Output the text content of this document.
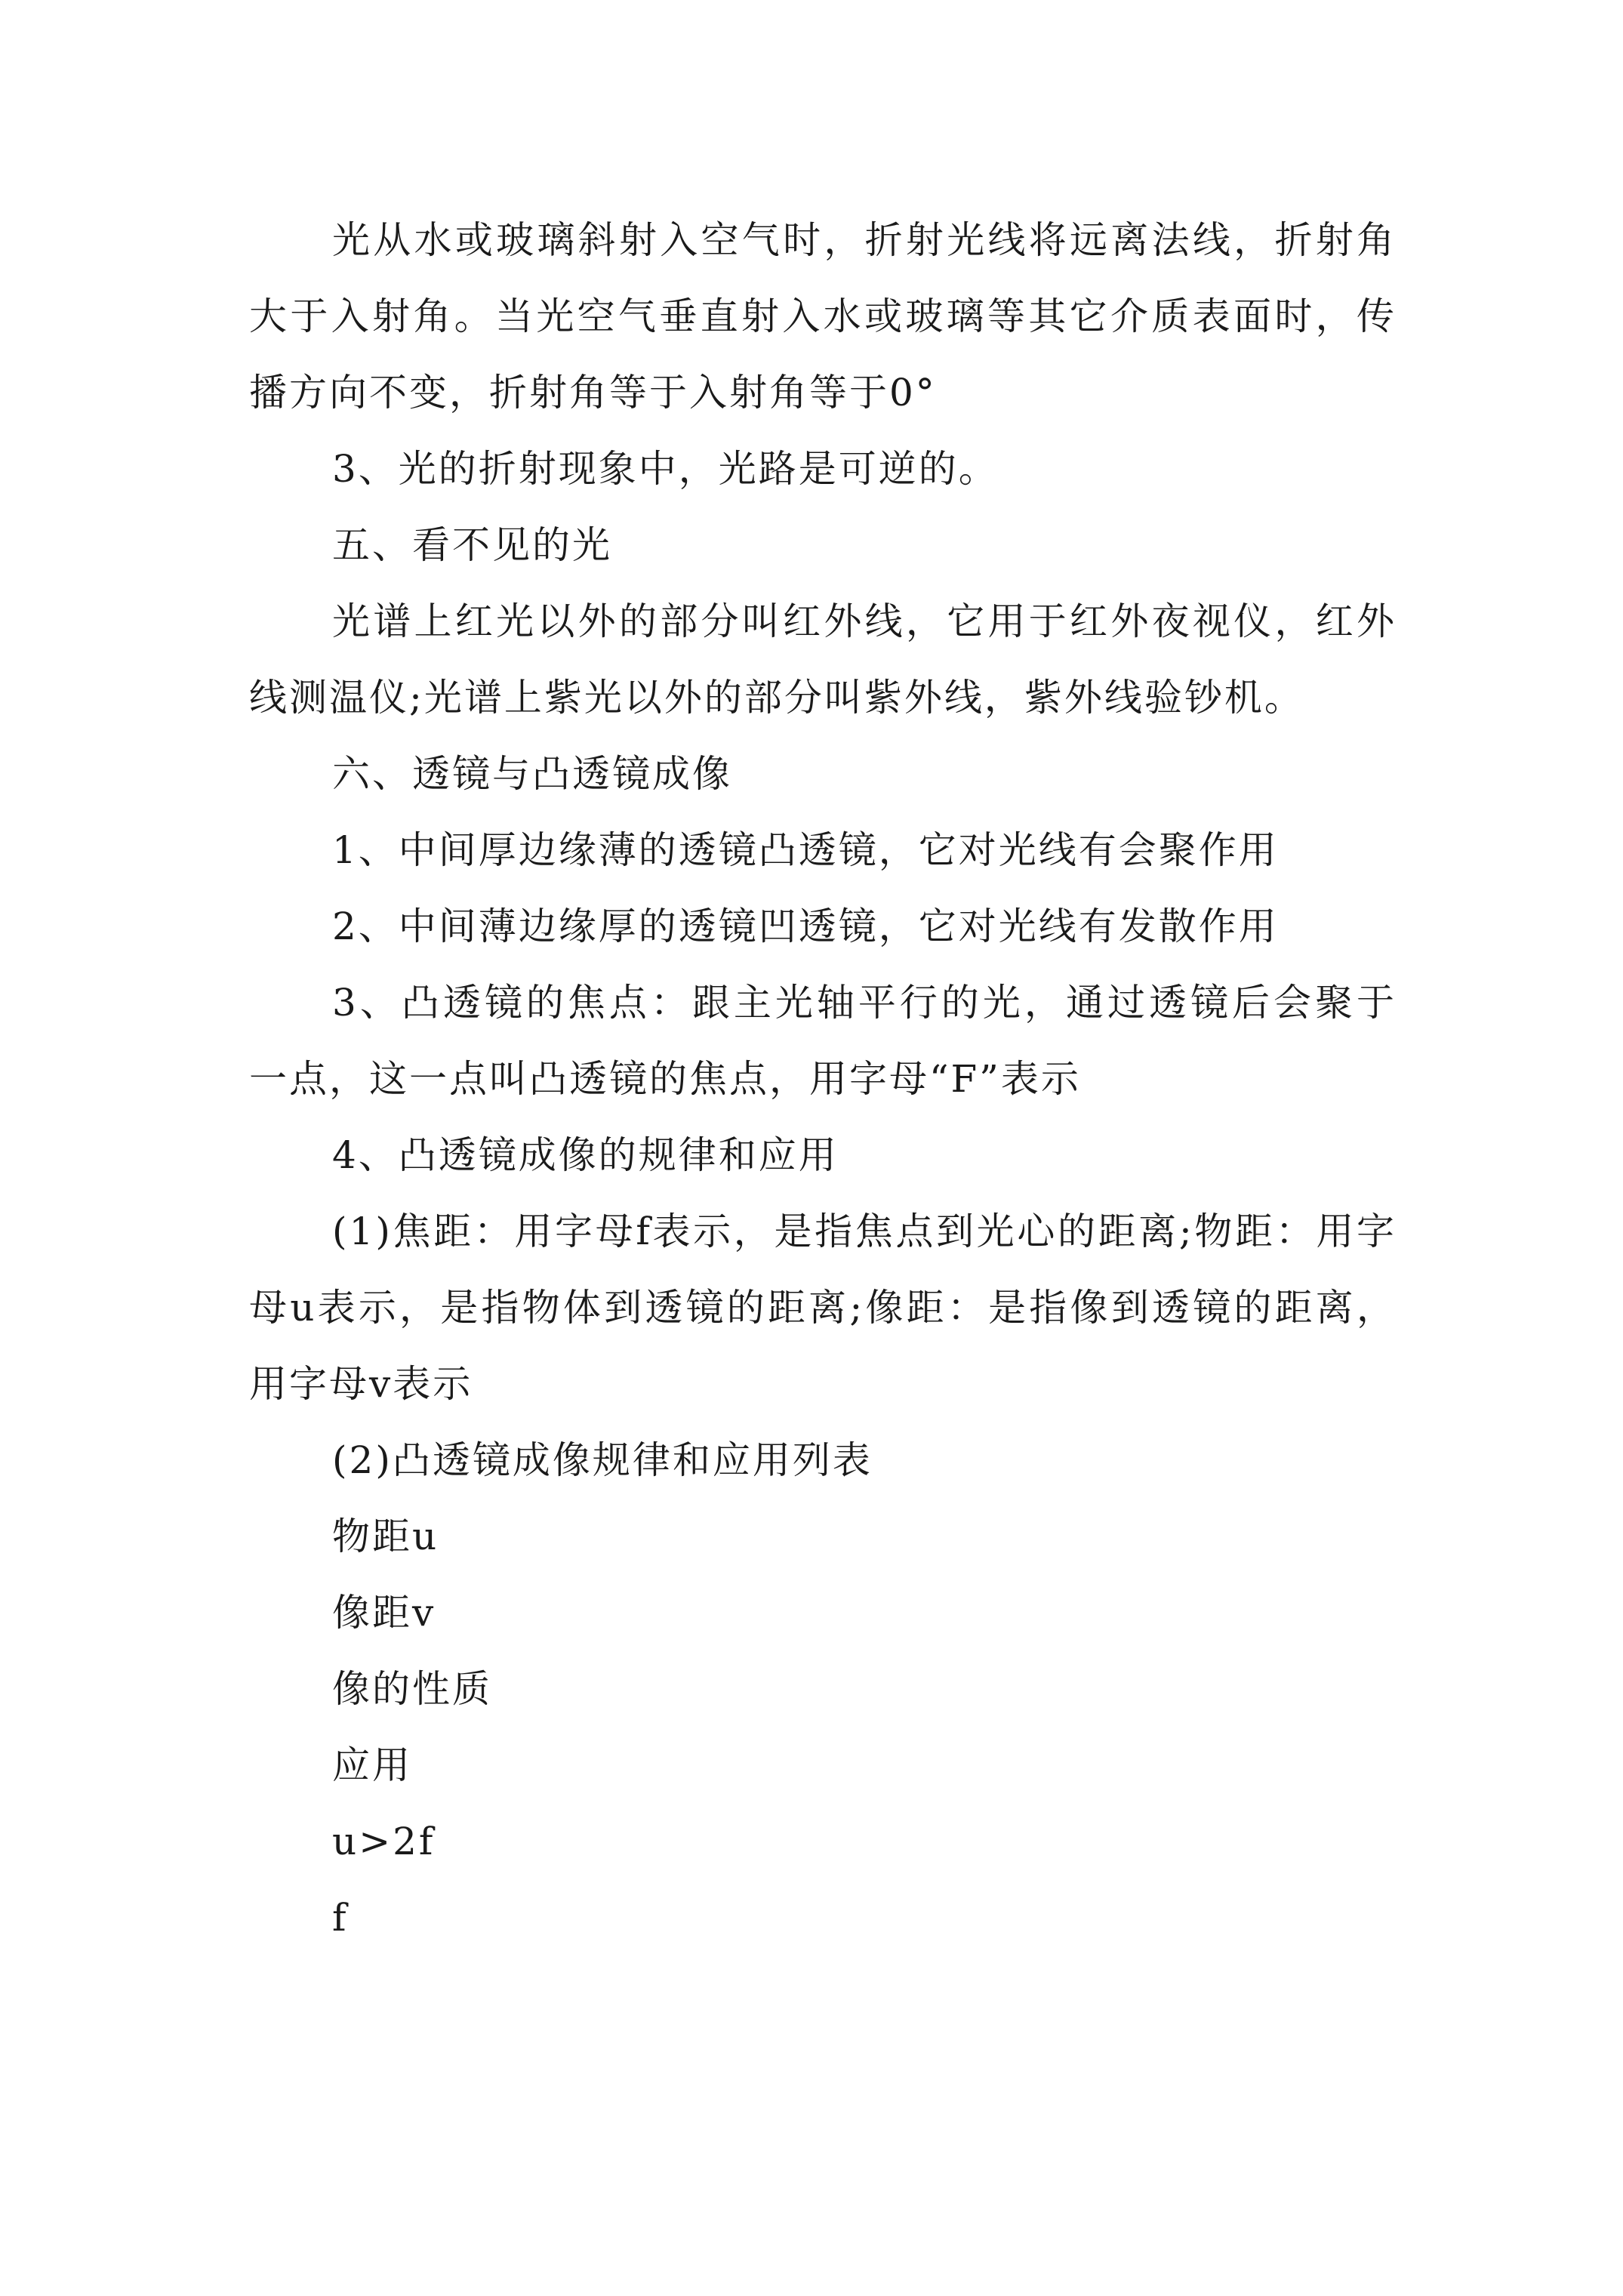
光从水或玻璃斜射入空气时，折射光线将远离法线，折射角大于入射角。当光空气垂直射入水或玻璃等其它介质表面时，传播方向不变，折射角等于入射角等于0°

3、光的折射现象中，光路是可逆的。

五、看不见的光

光谱上红光以外的部分叫红外线，它用于红外夜视仪，红外线测温仪;光谱上紫光以外的部分叫紫外线，紫外线验钞机。

六、透镜与凸透镜成像

1、中间厚边缘薄的透镜凸透镜，它对光线有会聚作用

2、中间薄边缘厚的透镜凹透镜，它对光线有发散作用

3、凸透镜的焦点：跟主光轴平行的光，通过透镜后会聚于一点，这一点叫凸透镜的焦点，用字母“F”表示

4、凸透镜成像的规律和应用

(1)焦距：用字母f表示，是指焦点到光心的距离;物距：用字母u表示，是指物体到透镜的距离;像距：是指像到透镜的距离，用字母v表示

(2)凸透镜成像规律和应用列表

物距u

像距v

像的性质

应用

u>2f

f
